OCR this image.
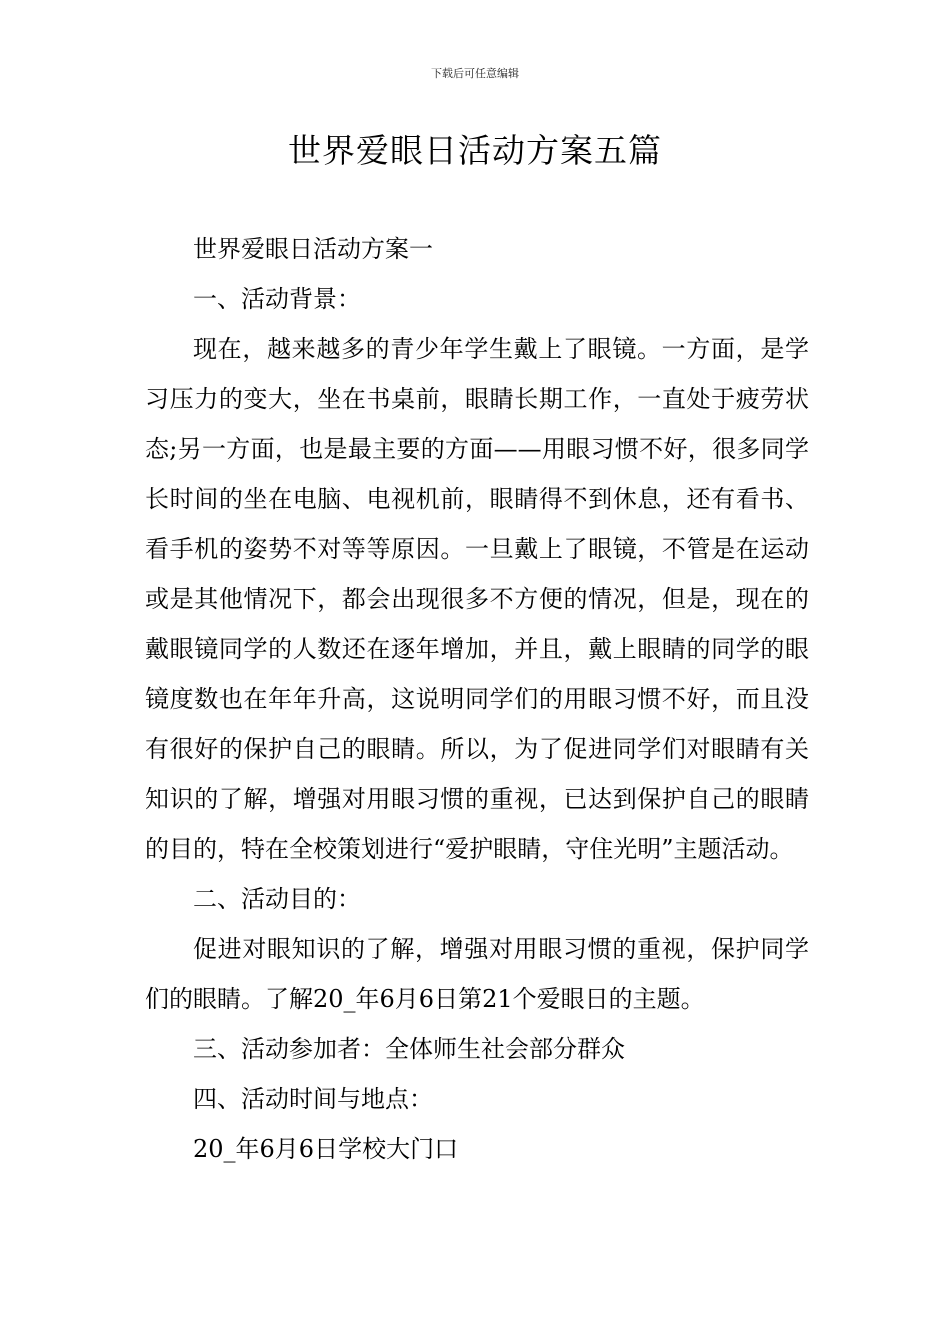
下载后可任意编辑
世界爱眼日活动方案五篇

世界爱眼日活动方案一

一、活动背景：

现在，越来越多的青少年学生戴上了眼镜。一方面，是学习压力的变大，坐在书桌前，眼睛长期工作，一直处于疲劳状态;另一方面，也是最主要的方面——用眼习惯不好，很多同学长时间的坐在电脑、电视机前，眼睛得不到休息，还有看书、看手机的姿势不对等等原因。一旦戴上了眼镜，不管是在运动或是其他情况下，都会出现很多不方便的情况，但是，现在的戴眼镜同学的人数还在逐年增加，并且，戴上眼睛的同学的眼镜度数也在年年升高，这说明同学们的用眼习惯不好，而且没有很好的保护自己的眼睛。所以，为了促进同学们对眼睛有关知识的了解，增强对用眼习惯的重视，已达到保护自己的眼睛的目的，特在全校策划进行“爱护眼睛，守住光明”主题活动。

二、活动目的：

促进对眼知识的了解，增强对用眼习惯的重视，保护同学们的眼睛。了解20_年6月6日第21个爱眼日的主题。

三、活动参加者：全体师生社会部分群众

四、活动时间与地点：

20_年6月6日学校大门口
